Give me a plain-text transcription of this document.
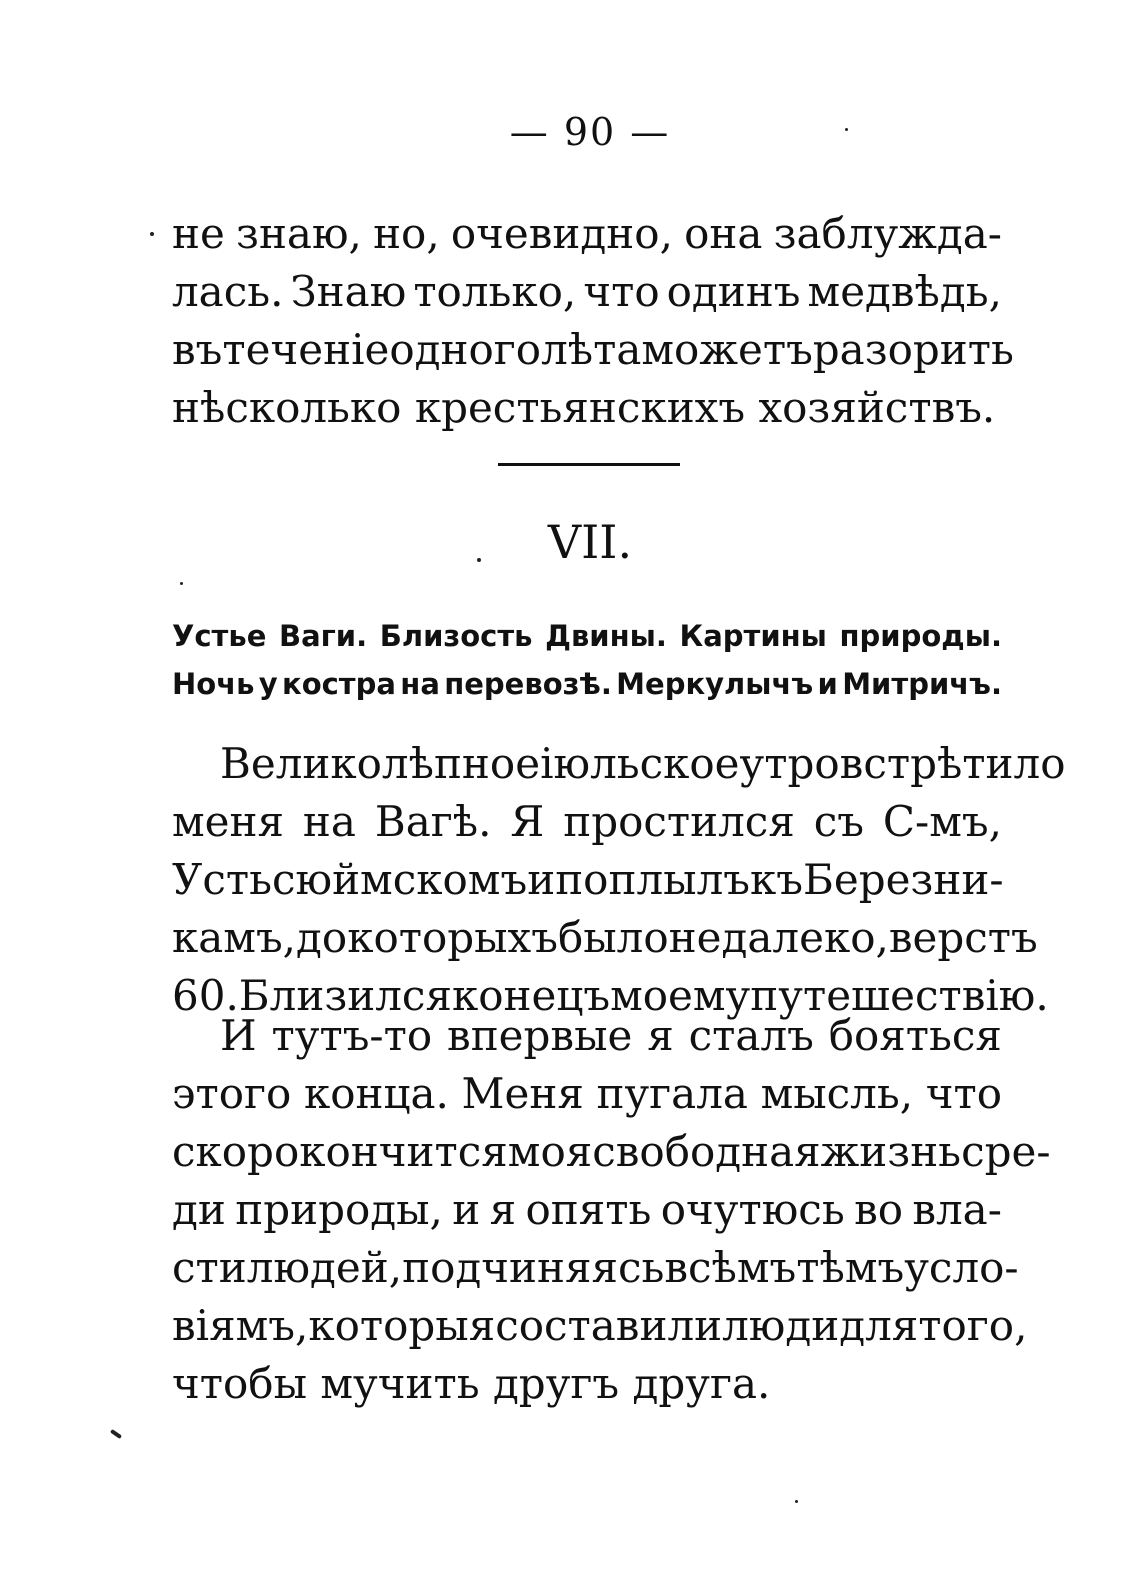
— 90 —
не знаю, но, очевидно, она заблужда-
лась. Знаю только, что одинъ медвѣдь,
въ теченіе одного лѣта можетъ разорить
нѣсколько крестьянскихъ хозяйствъ.
VII.
Устье Ваги. Близость Двины. Картины природы.
Ночь у костра на перевозѣ. Меркулычъ и Митричъ.
Великолѣпное іюльское утро встрѣтило
меня на Вагѣ. Я простился съ С-мъ,
Устьсюймскомъ и поплылъ къ Березни-
камъ, до которыхъ было недалеко, верстъ
60. Близился конецъ моему путешествію.
И тутъ-то впервые я сталъ бояться
этого конца. Меня пугала мысль, что
скоро кончится моя свободная жизнь сре-
ди природы, и я опять очутюсь во вла-
сти людей, подчиняясь всѣмъ тѣмъ усло-
віямъ, которыя составили люди для того,
чтобы мучить другъ друга.
